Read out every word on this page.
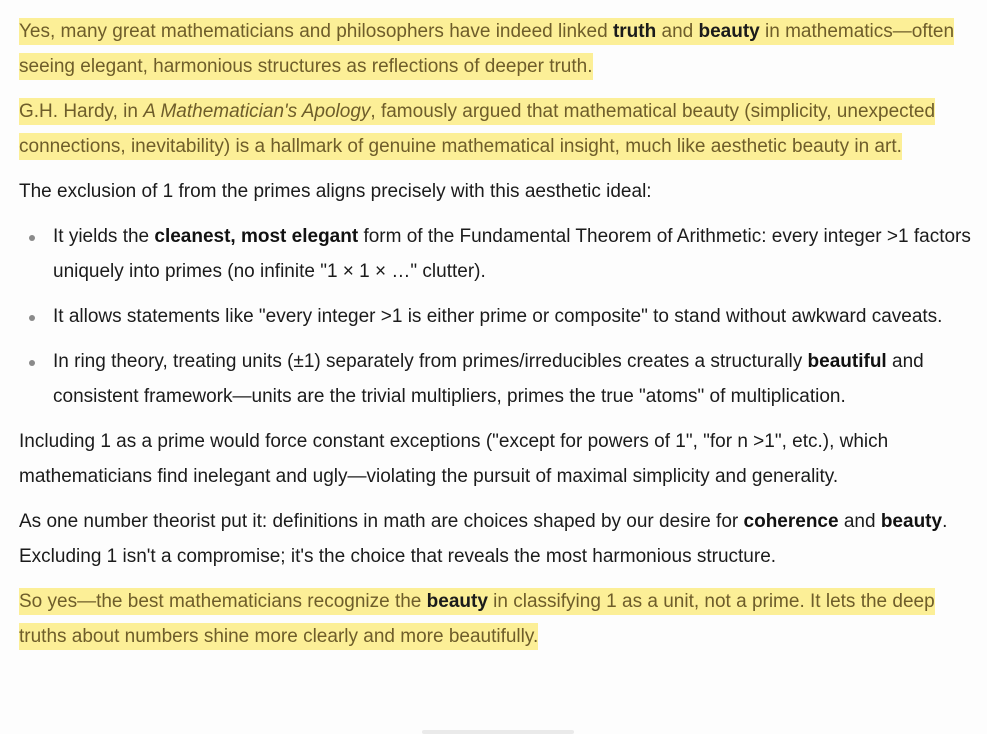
Yes, many great mathematicians and philosophers have indeed linked truth and beauty in mathematics—often seeing elegant, harmonious structures as reflections of deeper truth.

G.H. Hardy, in A Mathematician's Apology, famously argued that mathematical beauty (simplicity, unexpected connections, inevitability) is a hallmark of genuine mathematical insight, much like aesthetic beauty in art.

The exclusion of 1 from the primes aligns precisely with this aesthetic ideal:

It yields the cleanest, most elegant form of the Fundamental Theorem of Arithmetic: every integer >1 factors uniquely into primes (no infinite "1 × 1 × …" clutter).
It allows statements like "every integer >1 is either prime or composite" to stand without awkward caveats.
In ring theory, treating units (±1) separately from primes/irreducibles creates a structurally beautiful and consistent framework—units are the trivial multipliers, primes the true "atoms" of multiplication.

Including 1 as a prime would force constant exceptions ("except for powers of 1", "for n >1", etc.), which mathematicians find inelegant and ugly—violating the pursuit of maximal simplicity and generality.

As one number theorist put it: definitions in math are choices shaped by our desire for coherence and beauty. Excluding 1 isn't a compromise; it's the choice that reveals the most harmonious structure.

So yes—the best mathematicians recognize the beauty in classifying 1 as a unit, not a prime. It lets the deep truths about numbers shine more clearly and more beautifully.
